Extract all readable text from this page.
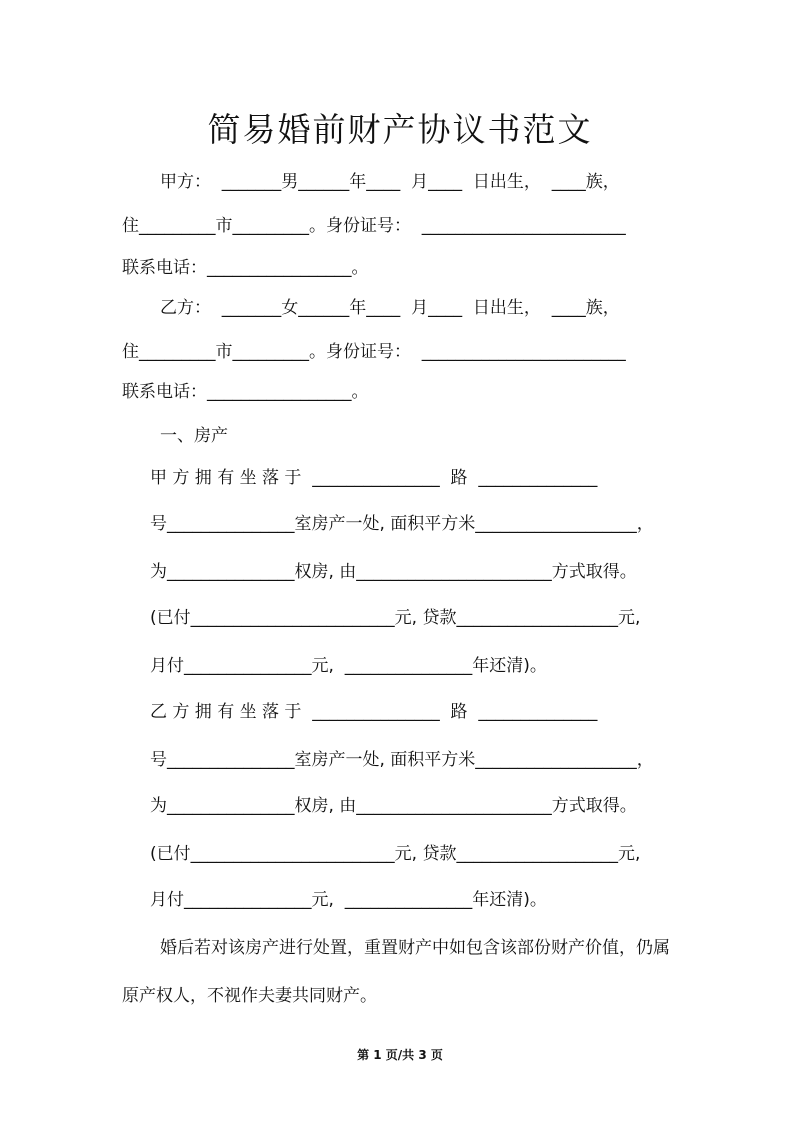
简易婚前财产协议书范文
甲方：  _______男______年____  月____  日出生，  ____族，
住_________市_________。身份证号：  ________________________
联系电话：_________________。
乙方：  _______女______年____  月____  日出生，  ____族，
住_________市_________。身份证号：  ________________________
联系电话：_________________。
一、房产
甲 方 拥 有 坐 落 于  _______________  路  ______________
号_______________室房产一处, 面积平方米___________________，
为_______________权房, 由_______________________方式取得。
(已付________________________元, 贷款___________________元,
月付_______________元,  _______________年还清)。
乙 方 拥 有 坐 落 于  _______________  路  ______________
号_______________室房产一处, 面积平方米___________________，
为_______________权房, 由_______________________方式取得。
(已付________________________元, 贷款___________________元,
月付_______________元,  _______________年还清)。
婚后若对该房产进行处置，重置财产中如包含该部份财产价值，仍属
原产权人，不视作夫妻共同财产。
第 1 页/共 3 页
